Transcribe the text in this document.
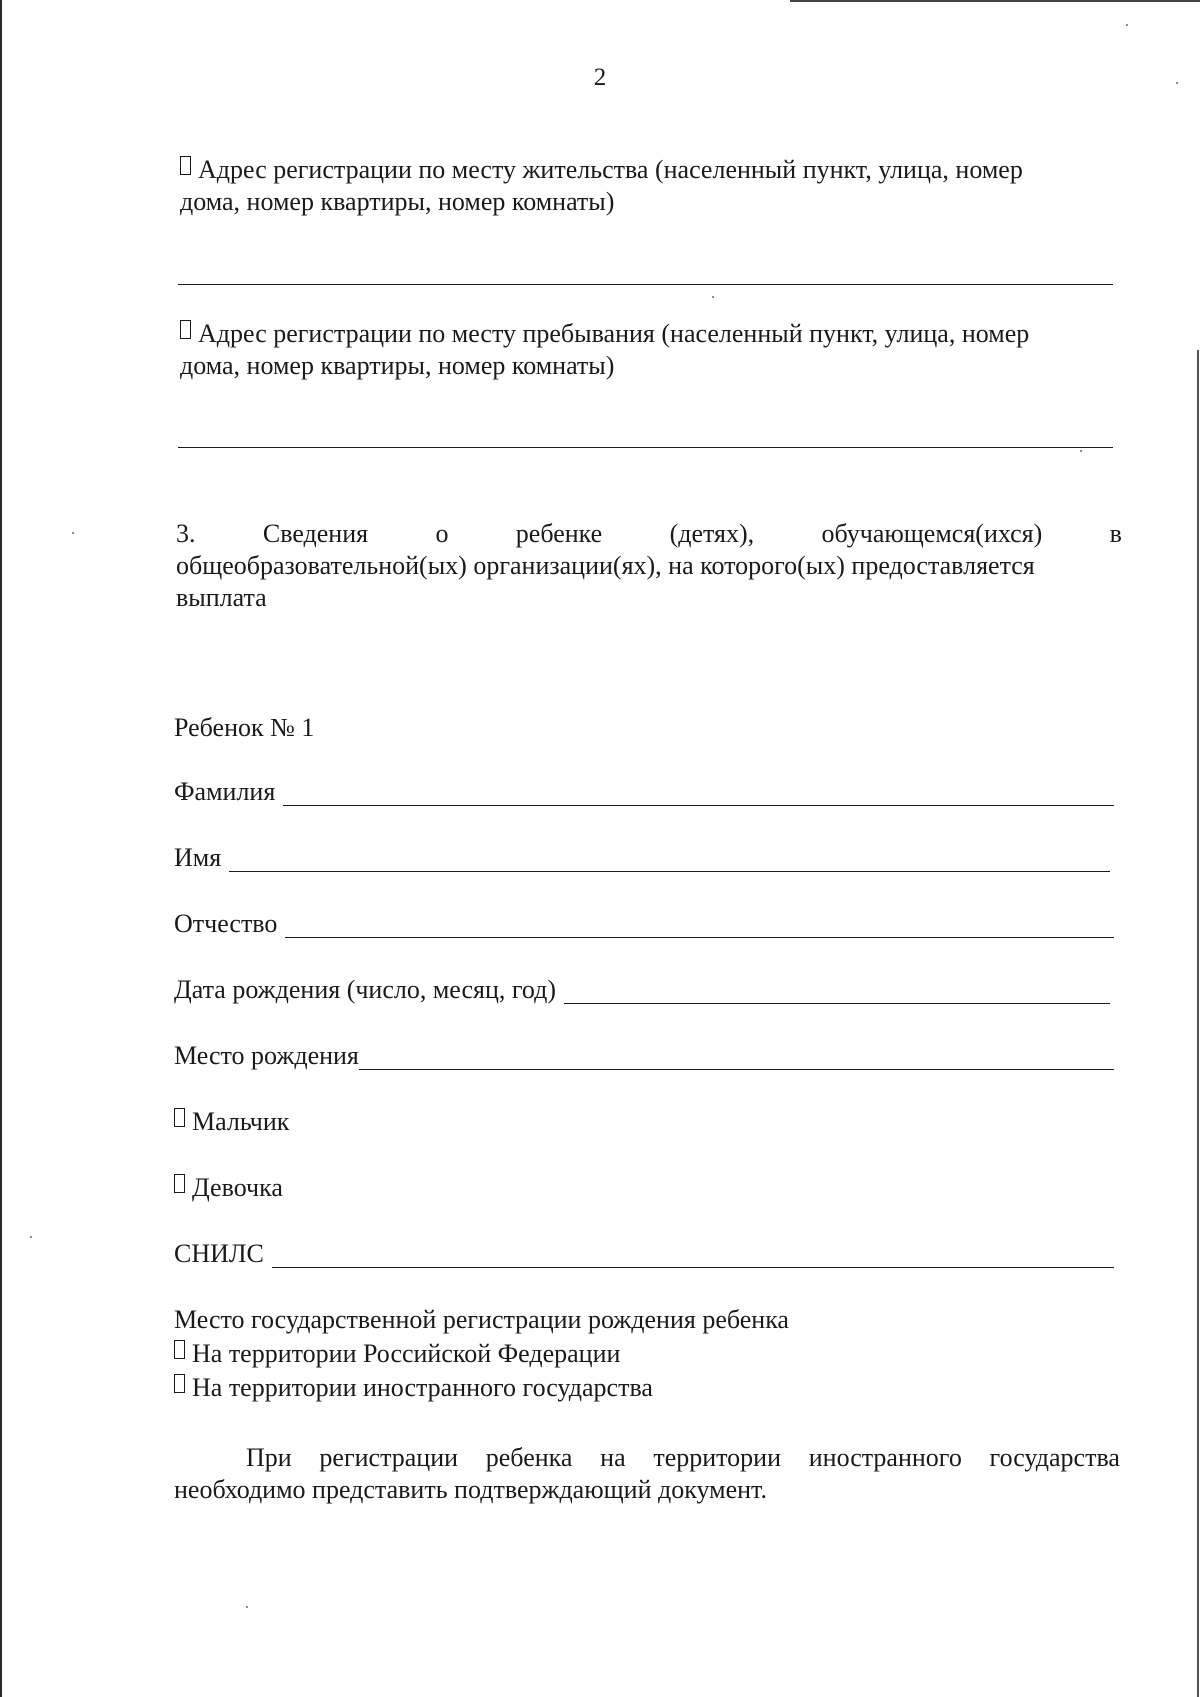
2
Адрес регистрации по месту жительства (населенный пункт, улица, номер
дома, номер квартиры, номер комнаты)
Адрес регистрации по месту пребывания (населенный пункт, улица, номер
дома, номер квартиры, номер комнаты)
3.	Сведения	о	ребенке	(детях),	обучающемся(ихся)	в
общеобразовательной(ых) организации(ях), на которого(ых) предоставляется
выплата
Ребенок № 1
Фамилия
Имя
Отчество
Дата рождения (число, месяц, год)
Место рождения
Мальчик
Девочка
СНИЛС
Место государственной регистрации рождения ребенка
На территории Российской Федерации
На территории иностранного государства
При регистрации ребенка на территории иностранного государства
необходимо представить подтверждающий документ.
